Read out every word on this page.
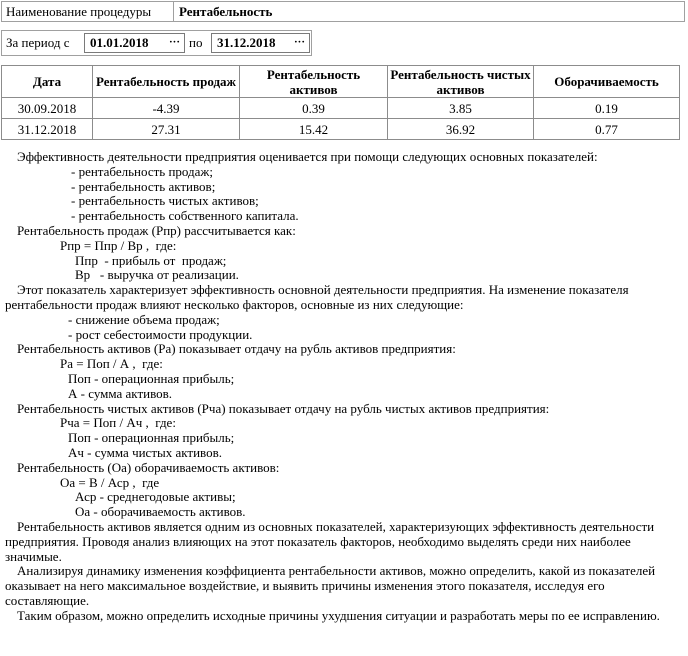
Наименование процедуры	Рентабельность
За период с	01.01.2018 ··· по	31.12.2018 ···
Дата	Рентабельность продаж	Рентабельность активов	Рентабельность чистых активов	Оборачиваемость
30.09.2018	-4.39	0.39	3.85	0.19
31.12.2018	27.31	15.42	36.92	0.77
Эффективность деятельности предприятия оценивается при помощи следующих основных показателей:
- рентабельность продаж;
- рентабельность активов;
- рентабельность чистых активов;
- рентабельность собственного капитала.
Рентабельность продаж (Рпр) рассчитывается как:
Рпр = Ппр / Вр ,  где:
Ппр  - прибыль от  продаж;
Вр   - выручка от реализации.
Этот показатель характеризует эффективность основной деятельности предприятия. На изменение показателя
рентабельности продаж влияют несколько факторов, основные из них следующие:
- снижение объема продаж;
- рост себестоимости продукции.
Рентабельность активов (Ра) показывает отдачу на рубль активов предприятия:
Ра = Поп / А ,  где:
Поп - операционная прибыль;
А - сумма активов.
Рентабельность чистых активов (Рча) показывает отдачу на рубль чистых активов предприятия:
Рча = Поп / Ач ,  где:
Поп - операционная прибыль;
Ач - сумма чистых активов.
Рентабельность (Оа) оборачиваемость активов:
Оа = В / Аср ,  где
Аср - среднегодовые активы;
Оа - оборачиваемость активов.
Рентабельность активов является одним из основных показателей, характеризующих эффективность деятельности
предприятия. Проводя анализ влияющих на этот показатель факторов, необходимо выделять среди них наиболее
значимые.
Анализируя динамику изменения коэффициента рентабельности активов, можно определить, какой из показателей
оказывает на него максимальное воздействие, и выявить причины изменения этого показателя, исследуя его
составляющие.
Таким образом, можно определить исходные причины ухудшения ситуации и разработать меры по ее исправлению.
